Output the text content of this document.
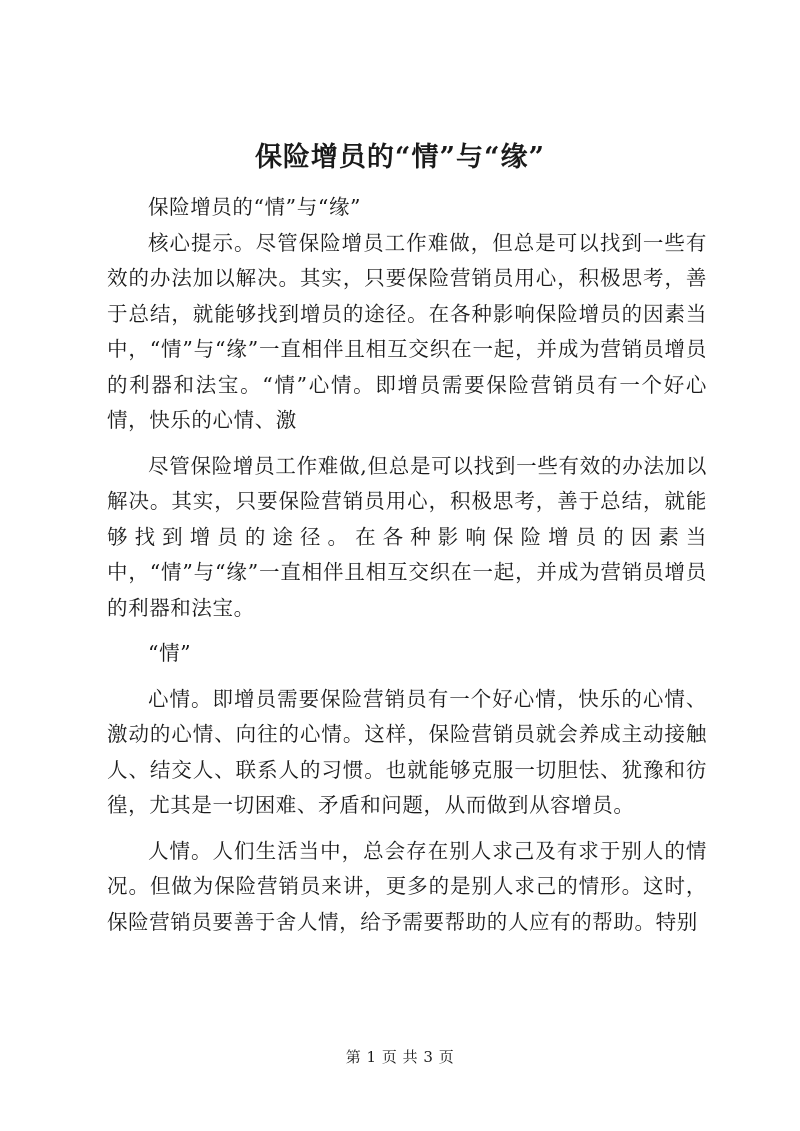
保险增员的“情”与“缘”

保险增员的“情”与“缘”

核心提示。尽管保险增员工作难做，但总是可以找到一些有效的办法加以解决。其实，只要保险营销员用心，积极思考，善于总结，就能够找到增员的途径。在各种影响保险增员的因素当中，“情”与“缘”一直相伴且相互交织在一起，并成为营销员增员的利器和法宝。“情”心情。即增员需要保险营销员有一个好心情，快乐的心情、激

尽管保险增员工作难做,但总是可以找到一些有效的办法加以解决。其实，只要保险营销员用心，积极思考，善于总结，就能够找到增员的途径。在各种影响保险增员的因素当中，“情”与“缘”一直相伴且相互交织在一起，并成为营销员增员的利器和法宝。

“情”

心情。即增员需要保险营销员有一个好心情，快乐的心情、激动的心情、向往的心情。这样，保险营销员就会养成主动接触人、结交人、联系人的习惯。也就能够克服一切胆怯、犹豫和彷徨，尤其是一切困难、矛盾和问题，从而做到从容增员。

人情。人们生活当中，总会存在别人求己及有求于别人的情况。但做为保险营销员来讲，更多的是别人求己的情形。这时，保险营销员要善于舍人情，给予需要帮助的人应有的帮助。特别

第 1 页 共 3 页
